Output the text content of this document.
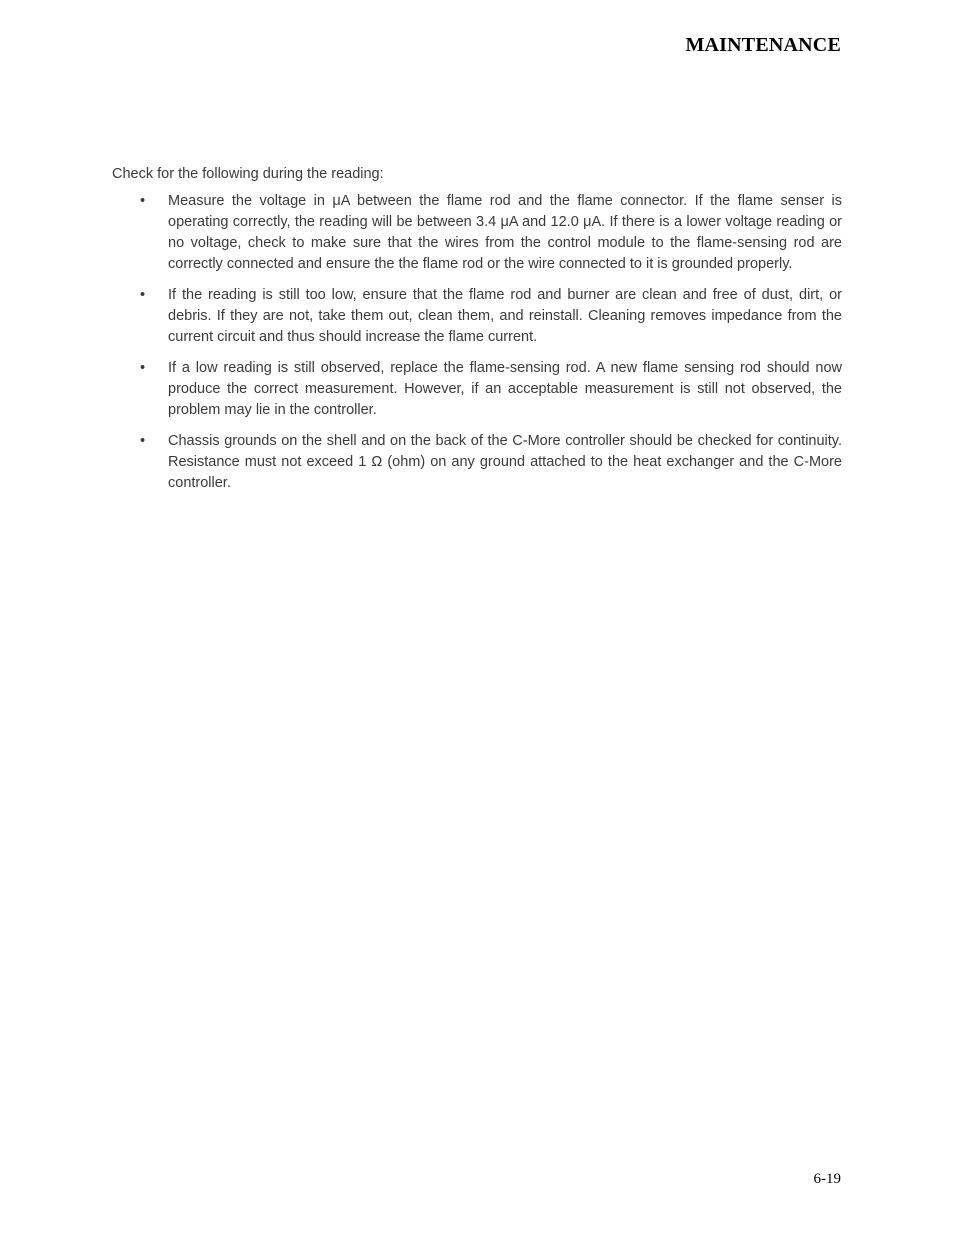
MAINTENANCE
Check for the following during the reading:
• Measure the voltage in μA between the flame rod and the flame connector. If the flame senser is operating correctly, the reading will be between 3.4 μA and 12.0 μA. If there is a lower voltage reading or no voltage, check to make sure that the wires from the control module to the flame-sensing rod are correctly connected and ensure the the flame rod or the wire connected to it is grounded properly.
• If the reading is still too low, ensure that the flame rod and burner are clean and free of dust, dirt, or debris. If they are not, take them out, clean them, and reinstall. Cleaning removes impedance from the current circuit and thus should increase the flame current.
• If a low reading is still observed, replace the flame-sensing rod. A new flame sensing rod should now produce the correct measurement. However, if an acceptable measurement is still not observed, the problem may lie in the controller.
• Chassis grounds on the shell and on the back of the C-More controller should be checked for continuity. Resistance must not exceed 1 Ω (ohm) on any ground attached to the heat exchanger and the C-More controller.
6-19
